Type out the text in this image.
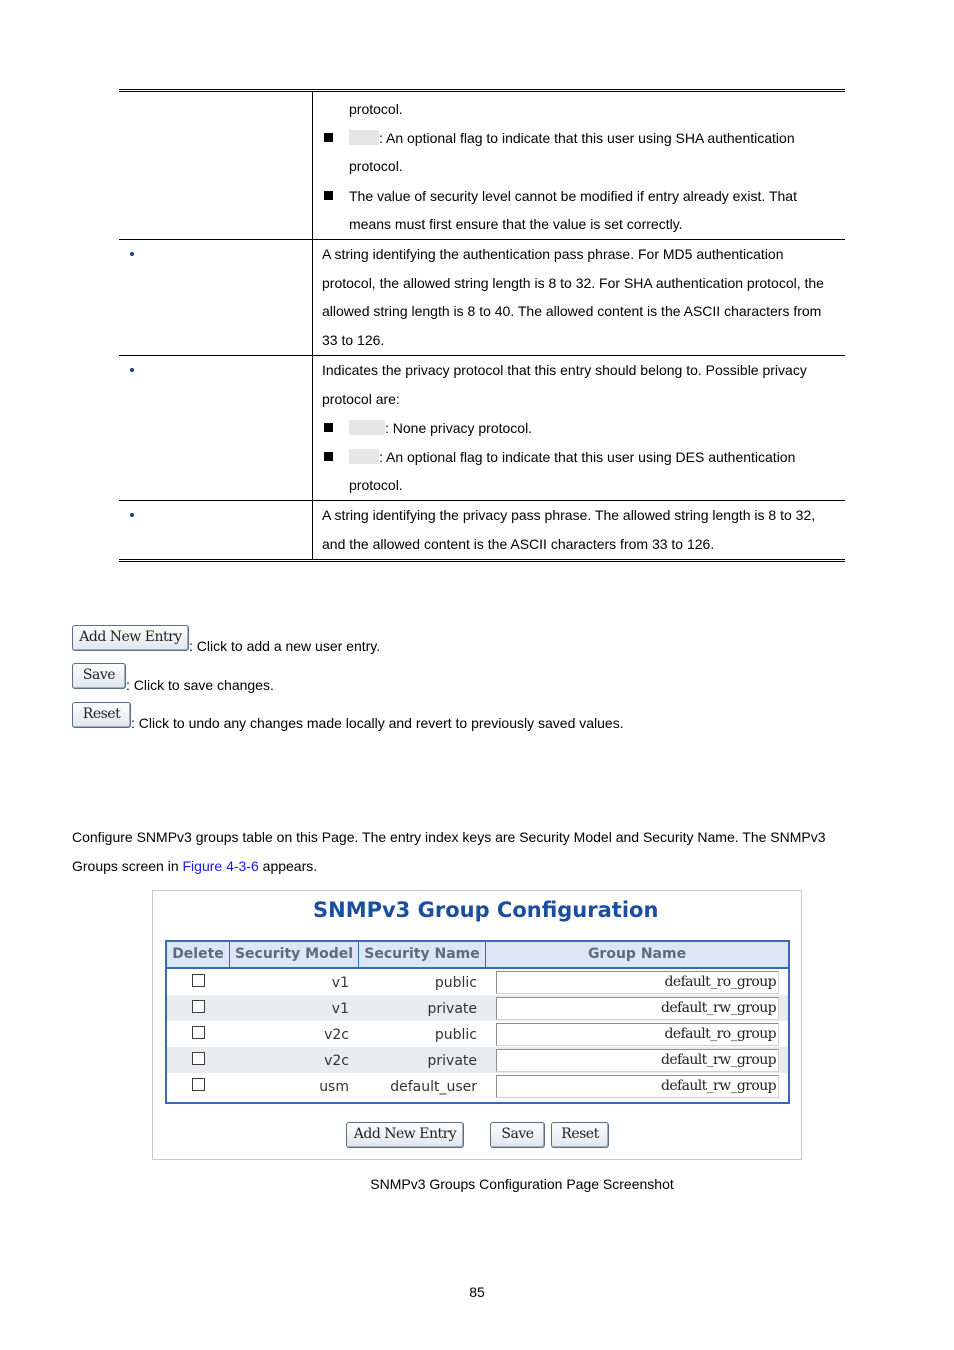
protocol.
: An optional flag to indicate that this user using SHA authentication
protocol.
The value of security level cannot be modified if entry already exist. That
means must first ensure that the value is set correctly.
A string identifying the authentication pass phrase. For MD5 authentication
protocol, the allowed string length is 8 to 32. For SHA authentication protocol, the
allowed string length is 8 to 40. The allowed content is the ASCII characters from
33 to 126.
Indicates the privacy protocol that this entry should belong to. Possible privacy
protocol are:
: None privacy protocol.
: An optional flag to indicate that this user using DES authentication
protocol.
A string identifying the privacy pass phrase. The allowed string length is 8 to 32,
and the allowed content is the ASCII characters from 33 to 126.
Add New Entry
: Click to add a new user entry.
Save
: Click to save changes.
Reset
: Click to undo any changes made locally and revert to previously saved values.
Configure SNMPv3 groups table on this Page. The entry index keys are Security Model and Security Name. The SNMPv3
Groups screen in Figure 4-3-6 appears.
SNMPv3 Group Configuration
Delete Security Model Security Name	Group Name
v1	public	default_ro_group
v1	private	default_rw_group
v2c	public	default_ro_group
v2c	private	default_rw_group
usm	default_user	default_rw_group
Add New Entry	Save	Reset
SNMPv3 Groups Configuration Page Screenshot
85
